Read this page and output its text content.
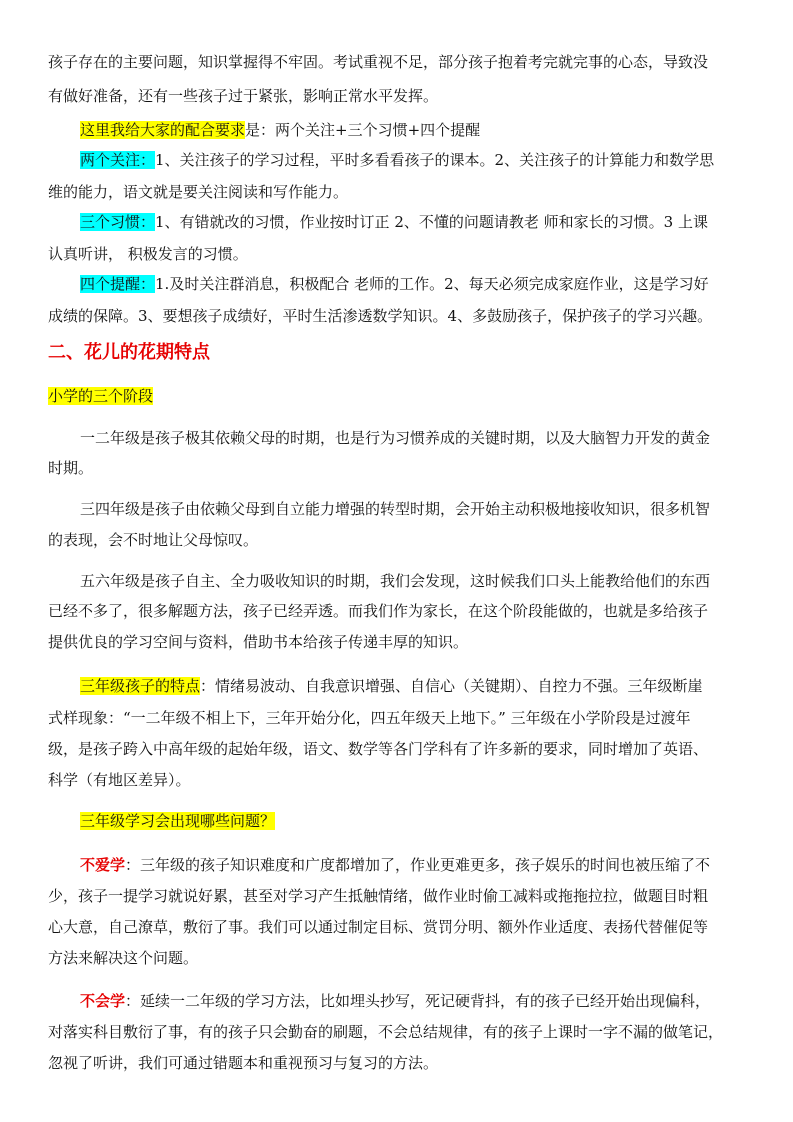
孩子存在的主要问题，知识掌握得不牢固。考试重视不足，部分孩子抱着考完就完事的心态，导致没
有做好准备，还有一些孩子过于紧张，影响正常水平发挥。
这里我给大家的配合要求是：两个关注+三个习惯+四个提醒
两个关注：1、关注孩子的学习过程，平时多看看孩子的课本。2、关注孩子的计算能力和数学思
维的能力，语文就是要关注阅读和写作能力。
三个习惯：1、有错就改的习惯，作业按时订正 2、不懂的问题请教老 师和家长的习惯。3 上课
认真听讲， 积极发言的习惯。
四个提醒：1.及时关注群消息，积极配合 老师的工作。2、每天必须完成家庭作业，这是学习好
成绩的保障。3、要想孩子成绩好，平时生活渗透数学知识。4、多鼓励孩子，保护孩子的学习兴趣。
二、花儿的花期特点
小学的三个阶段
一二年级是孩子极其依赖父母的时期，也是行为习惯养成的关键时期，以及大脑智力开发的黄金
时期。
三四年级是孩子由依赖父母到自立能力增强的转型时期，会开始主动积极地接收知识，很多机智
的表现，会不时地让父母惊叹。
五六年级是孩子自主、全力吸收知识的时期，我们会发现，这时候我们口头上能教给他们的东西
已经不多了，很多解题方法，孩子已经弄透。而我们作为家长，在这个阶段能做的，也就是多给孩子
提供优良的学习空间与资料，借助书本给孩子传递丰厚的知识。
三年级孩子的特点：情绪易波动、自我意识增强、自信心（关键期）、自控力不强。三年级断崖
式样现象：“一二年级不相上下，三年开始分化，四五年级天上地下。” 三年级在小学阶段是过渡年
级，是孩子跨入中高年级的起始年级，语文、数学等各门学科有了许多新的要求，同时增加了英语、
科学（有地区差异）。
三年级学习会出现哪些问题？
不爱学：三年级的孩子知识难度和广度都增加了，作业更难更多，孩子娱乐的时间也被压缩了不
少，孩子一提学习就说好累，甚至对学习产生抵触情绪，做作业时偷工减料或拖拖拉拉，做题目时粗
心大意，自己潦草，敷衍了事。我们可以通过制定目标、赏罚分明、额外作业适度、表扬代替催促等
方法来解决这个问题。
不会学：延续一二年级的学习方法，比如埋头抄写，死记硬背抖，有的孩子已经开始出现偏科，
对落实科目敷衍了事，有的孩子只会勤奋的刷题，不会总结规律，有的孩子上课时一字不漏的做笔记，
忽视了听讲，我们可通过错题本和重视预习与复习的方法。
